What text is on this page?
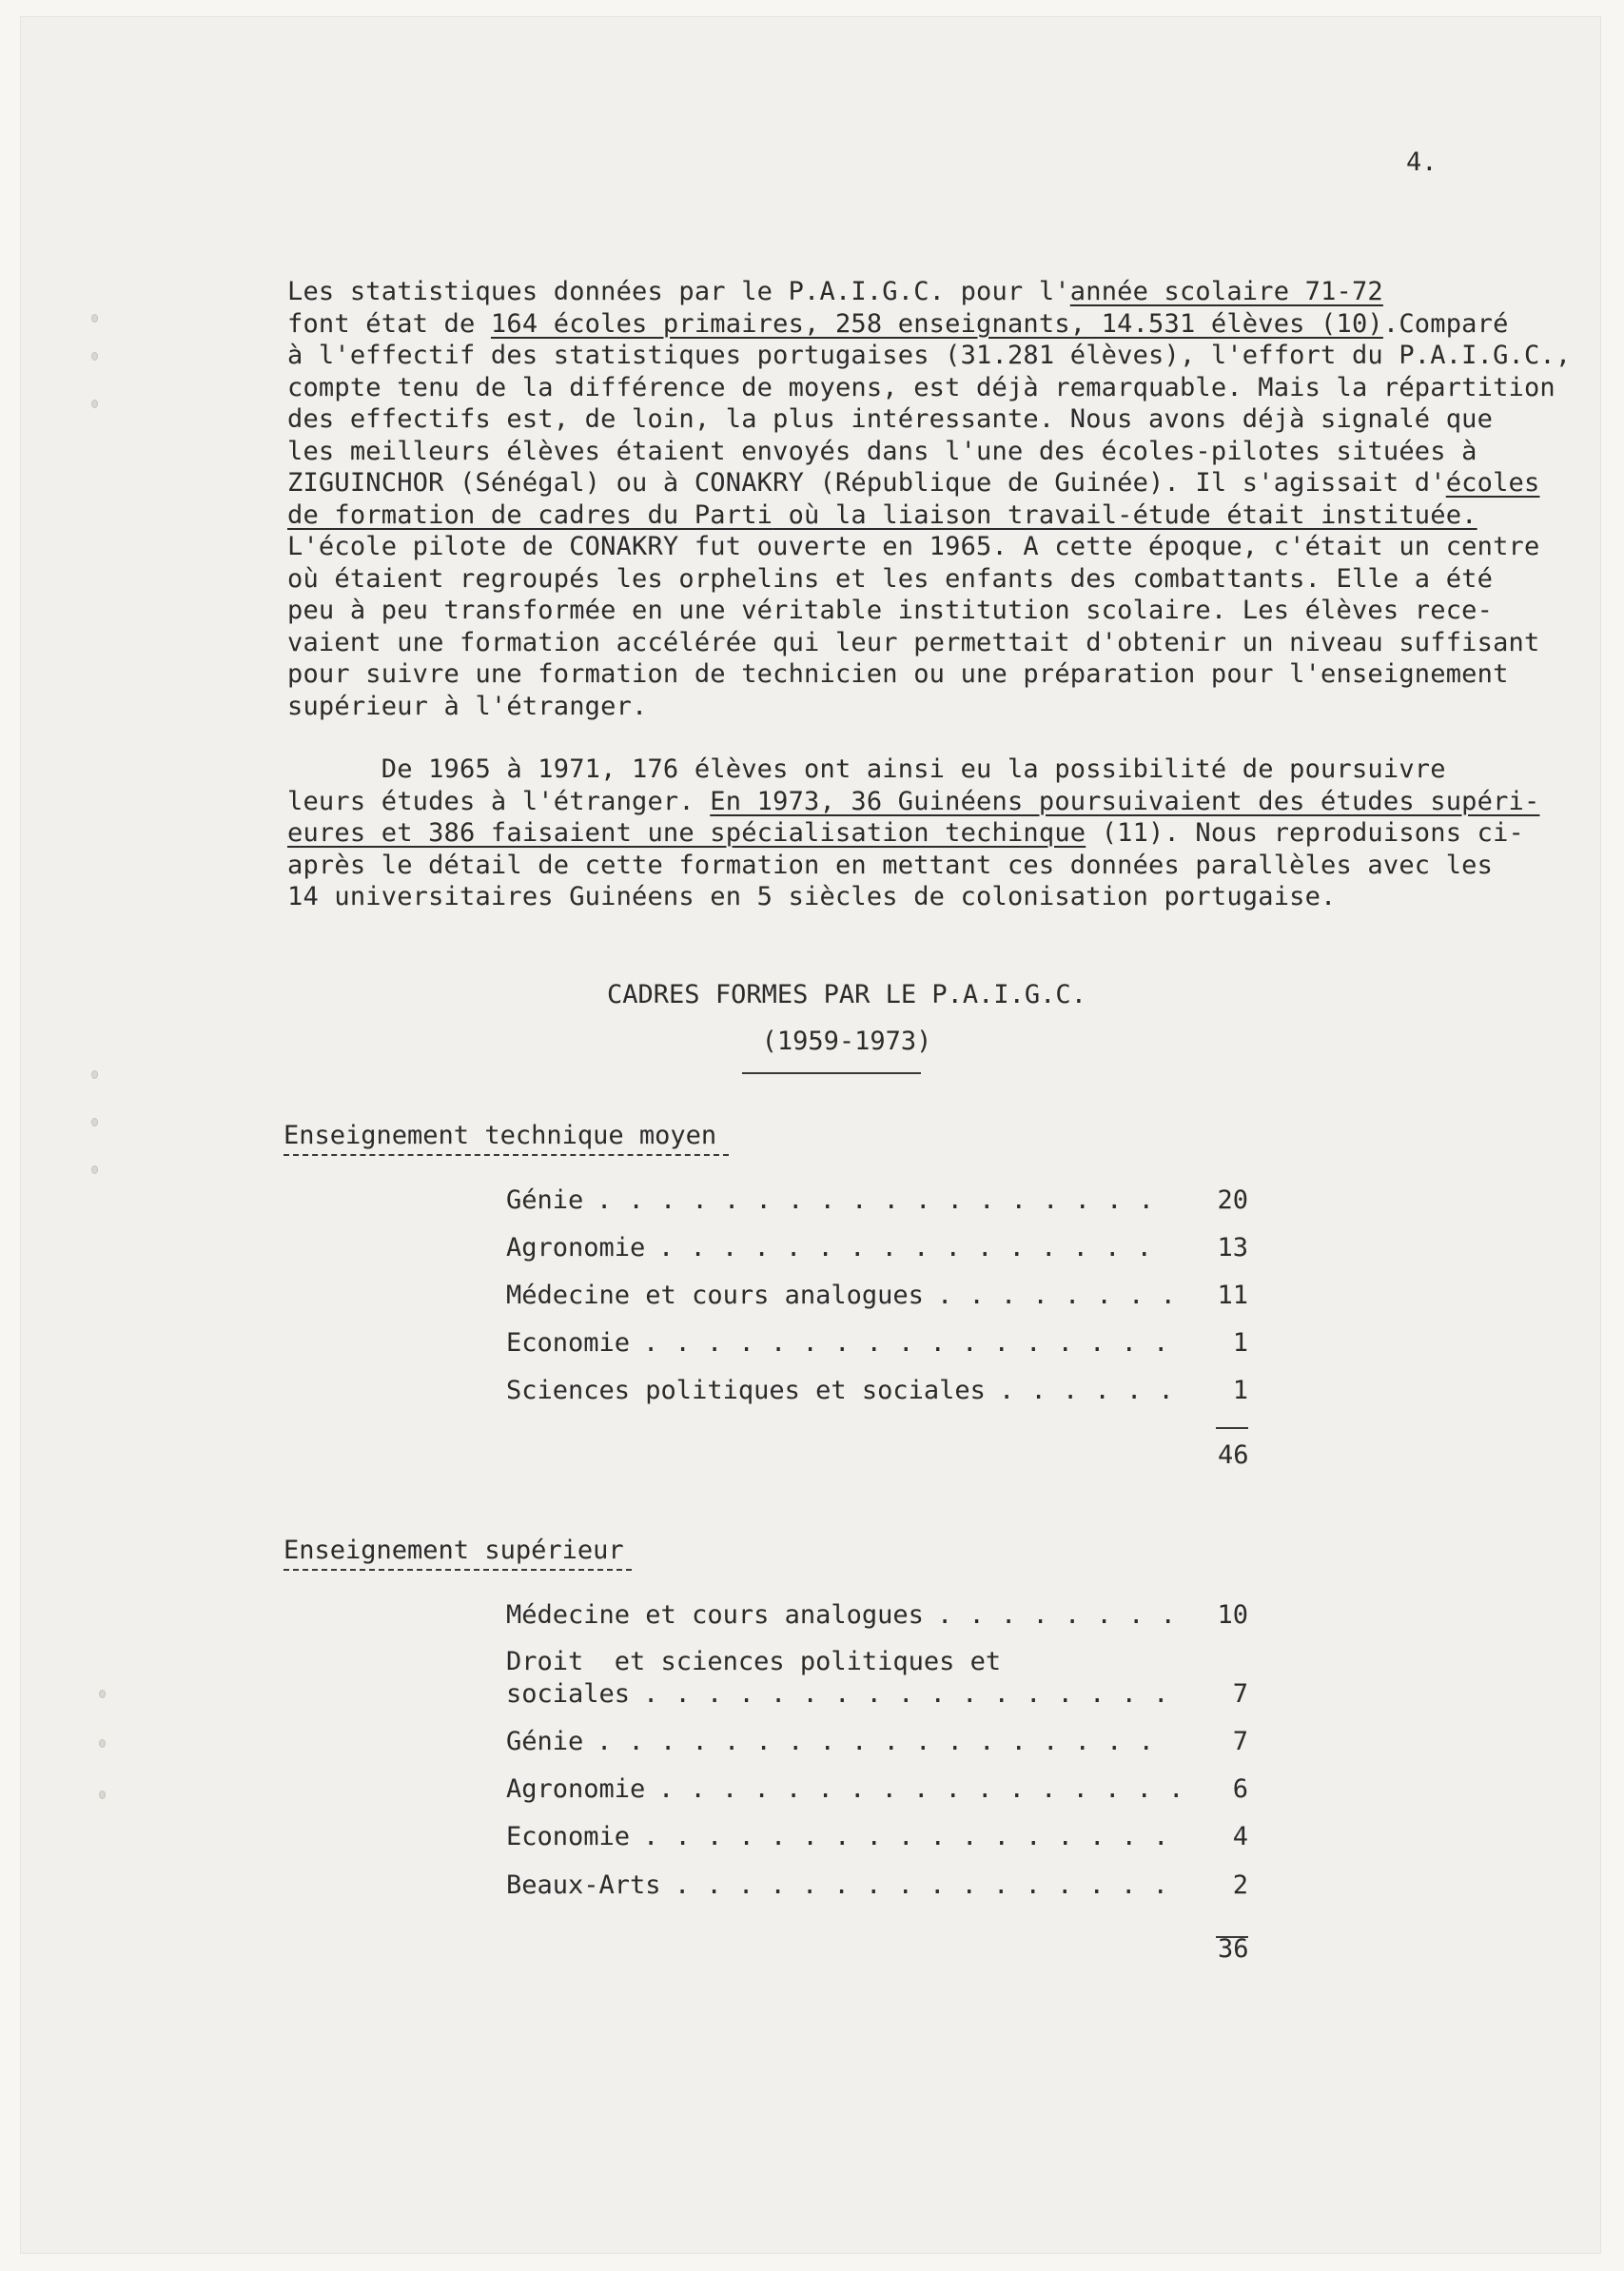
4.
Les statistiques données par le P.A.I.G.C. pour l'année scolaire 71-72
font état de 164 écoles primaires, 258 enseignants, 14.531 élèves (10).Comparé
à l'effectif des statistiques portugaises (31.281 élèves), l'effort du P.A.I.G.C.,
compte tenu de la différence de moyens, est déjà remarquable. Mais la répartition
des effectifs est, de loin, la plus intéressante. Nous avons déjà signalé que
les meilleurs élèves étaient envoyés dans l'une des écoles-pilotes situées à
ZIGUINCHOR (Sénégal) ou à CONAKRY (République de Guinée). Il s'agissait d'écoles
de formation de cadres du Parti où la liaison travail-étude était instituée.
L'école pilote de CONAKRY fut ouverte en 1965. A cette époque, c'était un centre
où étaient regroupés les orphelins et les enfants des combattants. Elle a été
peu à peu transformée en une véritable institution scolaire. Les élèves rece-
vaient une formation accélérée qui leur permettait d'obtenir un niveau suffisant
pour suivre une formation de technicien ou une préparation pour l'enseignement
supérieur à l'étranger.
De 1965 à 1971, 176 élèves ont ainsi eu la possibilité de poursuivre
leurs études à l'étranger. En 1973, 36 Guinéens poursuivaient des études supéri-
eures et 386 faisaient une spécialisation techinque (11). Nous reproduisons ci-
après le détail de cette formation en mettant ces données parallèles avec les
14 universitaires Guinéens en 5 siècles de colonisation portugaise.
CADRES FORMES PAR LE P.A.I.G.C.
(1959-1973)
Enseignement technique moyen
Génie . . . . . . . . . . . . . . . . . . 20
Agronomie . . . . . . . . . . . . . . . .	13
Médecine et cours analogues . . . . . . . . 11
Economie . . . . . . . . . . . . . . . . . 1
Sciences politiques et sociales . . . . . . 1
46
Enseignement supérieur
Médecine et cours analogues . . . . . . . . 10
Droit  et sciences politiques et
sociales . . . . . . . . . . . . . . . . . 7
Génie . . . . . . . . . . . . . . . . . .	7
Agronomie . . . . . . . . . . . . . . . . . 6
Economie . . . . . . . . . . . . . . . . . 4
Beaux-Arts . . . . . . . . . . . . . . . . 2
36
